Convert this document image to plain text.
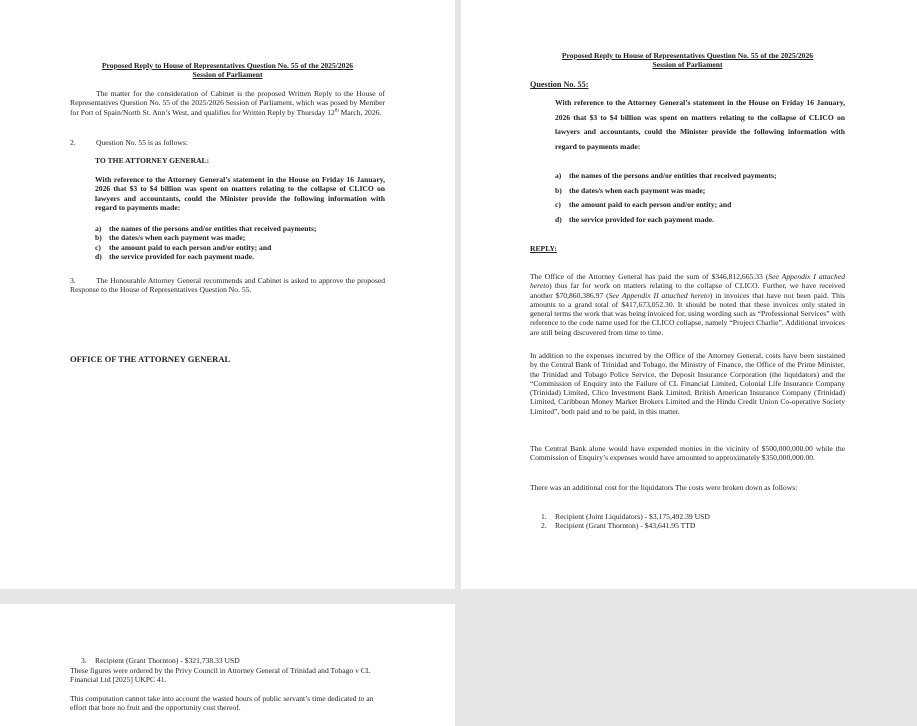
Proposed Reply to House of Representatives Question No. 55 of the 2025/2026
Session of Parliament

The matter for the consideration of Cabinet is the proposed Written Reply to the House of Representatives Question No. 55 of the 2025/2026 Session of Parliament, which was posed by Member for Port of Spain/North St. Ann’s West, and qualifies for Written Reply by Thursday 12th March, 2026.

2.	Question No. 55 is as follows:

TO THE ATTORNEY GENERAL:

With reference to the Attorney General’s statement in the House on Friday 16 January, 2026 that $3 to $4 billion was spent on matters relating to the collapse of CLICO on lawyers and accountants, could the Minister provide the following information with regard to payments made:

a) the names of the persons and/or entities that received payments;
b) the dates/s when each payment was made;
c) the amount paid to each person and/or entity; and
d) the service provided for each payment made.

3.	The Honourable Attorney General recommends and Cabinet is asked to approve the proposed Response to the House of Representatives Question No. 55.

OFFICE OF THE ATTORNEY GENERAL

Proposed Reply to House of Representatives Question No. 55 of the 2025/2026
Session of Parliament

Question No. 55:

With reference to the Attorney General’s statement in the House on Friday 16 January, 2026 that $3 to $4 billion was spent on matters relating to the collapse of CLICO on lawyers and accountants, could the Minister provide the following information with regard to payments made:

a) the names of the persons and/or entities that received payments;
b) the dates/s when each payment was made;
c) the amount paid to each person and/or entity; and
d) the service provided for each payment made.

REPLY:

The Office of the Attorney General has paid the sum of $346,812,665.33 (See Appendix I attached hereto) thus far for work on matters relating to the collapse of CLICO. Further, we have received another $70,860,386.97 (See Appendix II attached hereto) in invoices that have not been paid. This amounts to a grand total of $417,673,052.30. It should be noted that these invoices only stated in general terms the work that was being invoiced for, using wording such as “Professional Services” with reference to the code name used for the CLICO collapse, namely “Project Charlie”. Additional invoices are still being discovered from time to time.

In addition to the expenses incurred by the Office of the Attorney General, costs have been sustained by the Central Bank of Trinidad and Tobago, the Ministry of Finance, the Office of the Prime Minister, the Trinidad and Tobago Police Service, the Deposit Insurance Corporation (the liquidators) and the “Commission of Enquiry into the Failure of CL Financial Limited, Colonial Life Insurance Company (Trinidad) Limited, Clico Investment Bank Limited, British American Insurance Company (Trinidad) Limited, Caribbean Money Market Brokers Limited and the Hindu Credit Union Co-operative Society Limited”, both paid and to be paid, in this matter.

The Central Bank alone would have expended monies in the vicinity of $500,000,000.00 while the Commission of Enquiry’s expenses would have amounted to approximately $350,000,000.00.

There was an additional cost for the liquidators The costs were broken down as follows:

1. Recipient (Joint Liquidators) - $3,175,492.39 USD
2. Recipient (Grant Thornton) - $43,641.95 TTD

3. Recipient (Grant Thornton) - $321,738.33 USD

These figures were ordered by the Privy Council in Attorney General of Trinidad and Tobago v CL Financial Ltd [2025] UKPC 41.

This computation cannot take into account the wasted hours of public servant’s time dedicated to an effort that bore no fruit and the opportunity cost thereof.
